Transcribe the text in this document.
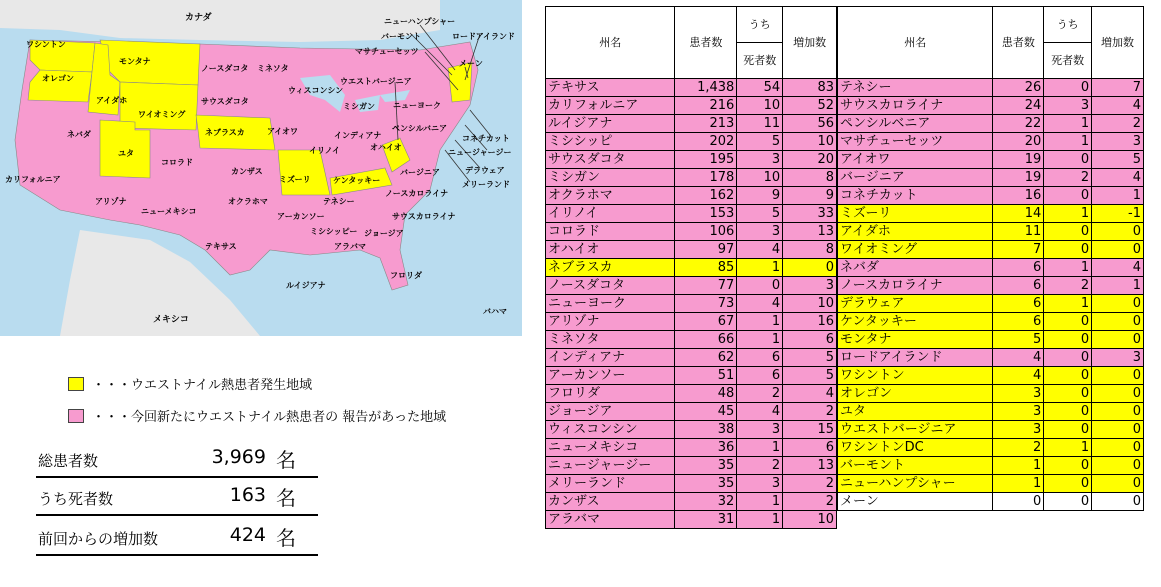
カナダ
ワシントン
モンタナ
オレゴン
アイダホ
ワイオミング
ノースダコタ ミネソタ
サウスダコタ
ネブラスカ	アイオワ
ネバダ
ユタ
コロラド
カンザス
カリフォルニア
アリゾナ
ニューメキシコ
オクラホマ
テキサス
アーカンソー
ミズーリ
イリノイ
インディアナ
オハイオ
ウィスコンシン
ミシガン
ウエストバージニア
ニューヨーク
ペンシルバニア
ケンタッキー
バージニア
テネシー
ノースカロライナ
サウスカロライナ
ミシシッピー
アラバマ
ジョージア
ルイジアナ
フロリダ
メキシコ
バハマ
ニューハンプシャー
バーモント	ロードアイランド
マサチューセッツ
メーン
コネチカット
ニュージャージー
デラウェア
メリーランド
・・・ウエストナイル熱患者発生地域
・・・今回新たにウエストナイル熱患者の 報告があった地域
総患者数	3,969 名
うち死者数	163 名
前回からの増加数	424 名
州名	患者数	うち	増加数
		死者数	
テキサス	1,438	54	83
カリフォルニア	216	10	52
ルイジアナ	213	11	56
ミシシッピ	202	5	10
サウスダコタ	195	3	20
ミシガン	178	10	8
オクラホマ	162	9	9
イリノイ	153	5	33
コロラド	106	3	13
オハイオ	97	4	8
ネブラスカ	85	1	0
ノースダコタ	77	0	3
ニューヨーク	73	4	10
アリゾナ	67	1	16
ミネソタ	66	1	6
インディアナ	62	6	5
アーカンソー	51	6	5
フロリダ	48	2	4
ジョージア	45	4	2
ウィスコンシン	38	3	15
ニューメキシコ	36	1	6
ニュージャージー	35	2	13
メリーランド	35	3	2
カンザス	32	1	2
アラバマ	31	1	10
州名	患者数	うち	増加数
		死者数	
テネシー	26	0	7
サウスカロライナ	24	3	4
ペンシルベニア	22	1	2
マサチューセッツ	20	1	3
アイオワ	19	0	5
バージニア	19	2	4
コネチカット	16	0	1
ミズーリ	14	1	-1
アイダホ	11	0	0
ワイオミング	7	0	0
ネバダ	6	1	4
ノースカロライナ	6	2	1
デラウェア	6	1	0
ケンタッキー	6	0	0
モンタナ	5	0	0
ロードアイランド	4	0	3
ワシントン	4	0	0
オレゴン	3	0	0
ユタ	3	0	0
ウエストバージニア	3	0	0
ワシントンDC	2	1	0
バーモント	1	0	0
ニューハンプシャー	1	0	0
メーン	0	0	0
